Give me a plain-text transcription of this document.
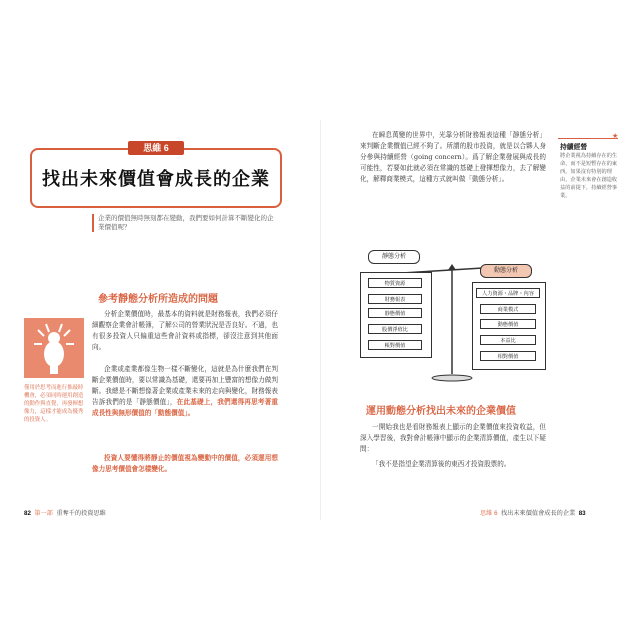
找出未來價值會成長的企業
思維 6
企業的價值無時無刻都在變動，我們要如何計算不斷變化的企業價值呢？
參考靜態分析所造成的問題
分析企業價值時，最基本的資料就是財務報表，我們必須仔細觀察企業會計帳簿，了解公司的營業狀況是否良好。不過，也有很多投資人只偏重這些會計資料或指標，卻沒注意到其他面向。
企業或產業都像生物一樣不斷變化，這就是為什麼我們在判斷企業價值時，要以常識為基礎，還要再加上豐富的想像力做判斷。我總是不斷想像著企業或產業未來的走向與變化，財務報表告訴我們的是「靜態價值」，在此基礎上，我們還得再思考著重成長性與無形價值的「動態價值」。
投資人要懂得將靜止的價值視為變動中的價值，必須運用想像力思考價值會怎樣變化。
僅用於思考而進行推敲時機會，必須同時運用創造的動作與直覺，再發揮想像力，這樣才能成為優秀的投資人。
82 第一部 重奪千的投資思維
在瞬息萬變的世界中，光靠分析財務報表這種「靜態分析」來判斷企業價值已經不夠了。所謂的股市投資，就是以合夥人身分參與持續經營（going concern）。爲了解企業發展與成長的可能性，若要如此就必須在常識的基礎上發揮想像力，去了解變化，解釋商業模式，這種方式就叫做「動態分析」。
★
持續經營
將企業視為持續存在的生命，而不是短暫存在的東西。如果沒有特別的理由，企業未來會在創造收益的前提下，持續經營事業。
靜態分析
動態分析
物質資源
財務報表
靜態價值
股價淨值比
帳對價值
人力資源・品牌・內容
商業模式
動態價值
本益比
相對價值
運用動態分析找出未來的企業價值
一開始我也是看財務報表上顯示的企業價值來投資收益，但深入學習後，我對會計帳簿中顯示的企業清算價值，產生以下疑問：
「我不是指望企業清算後的東西才投資股票的。
思維 6 找出未來價值會成長的企業 83
